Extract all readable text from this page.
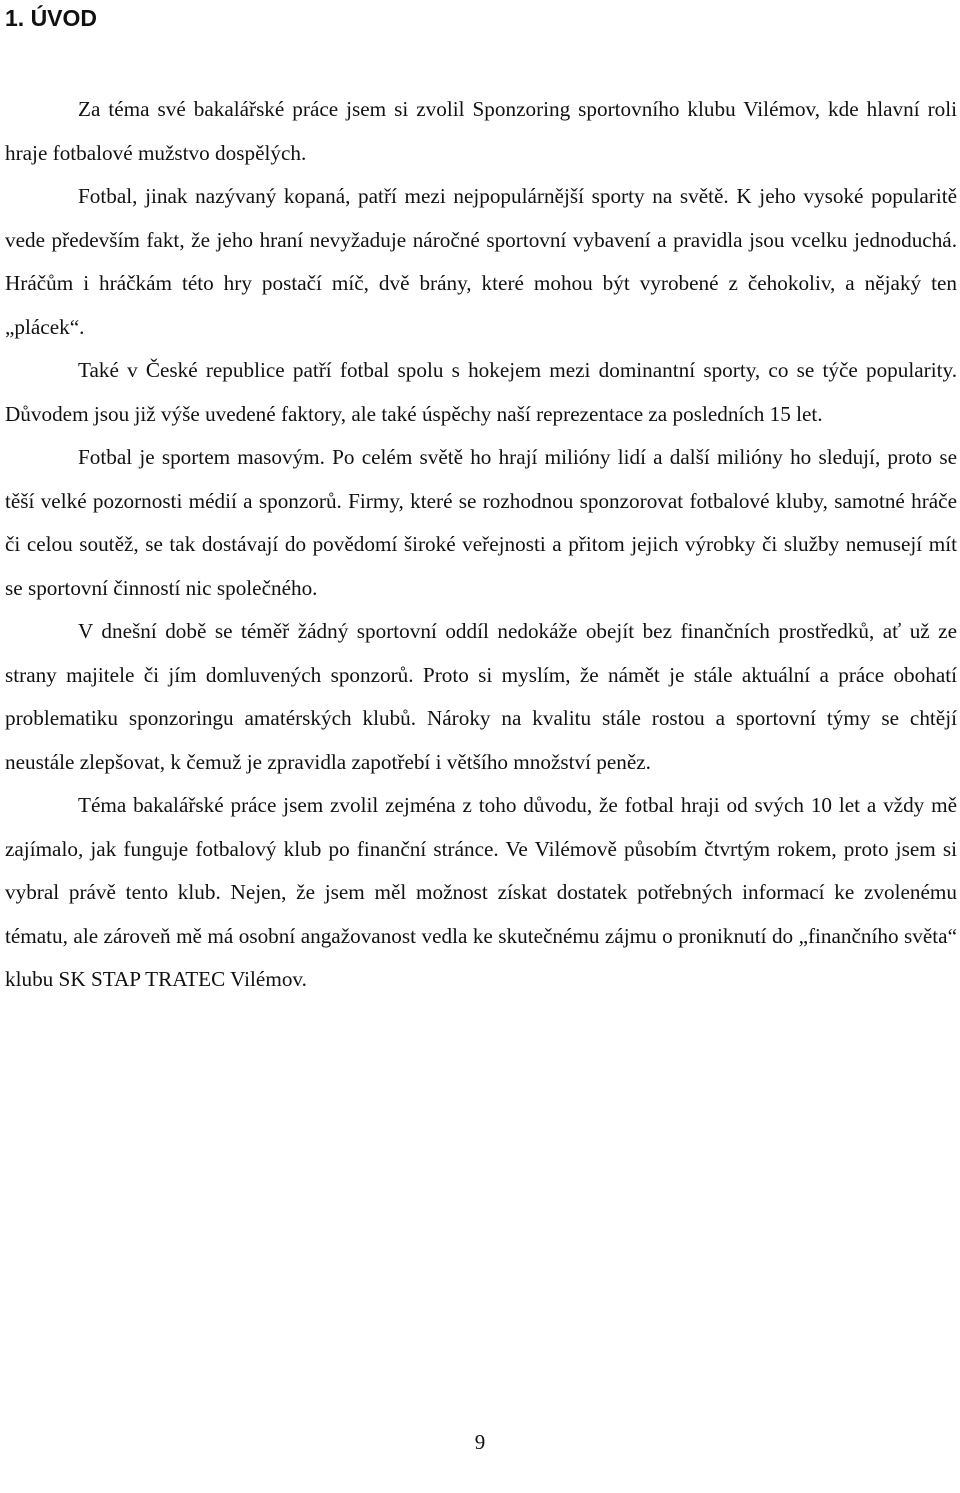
1. ÚVOD

Za téma své bakalářské práce jsem si zvolil Sponzoring sportovního klubu Vilémov, kde hlavní roli hraje fotbalové mužstvo dospělých.

Fotbal, jinak nazývaný kopaná, patří mezi nejpopulárnější sporty na světě. K jeho vysoké popularitě vede především fakt, že jeho hraní nevyžaduje náročné sportovní vybavení a pravidla jsou vcelku jednoduchá. Hráčům i hráčkám této hry postačí míč, dvě brány, které mohou být vyrobené z čehokoliv, a nějaký ten „plácek“.

Také v České republice patří fotbal spolu s hokejem mezi dominantní sporty, co se týče popularity. Důvodem jsou již výše uvedené faktory, ale také úspěchy naší reprezentace za posledních 15 let.

Fotbal je sportem masovým. Po celém světě ho hrají milióny lidí a další milióny ho sledují, proto se těší velké pozornosti médií a sponzorů. Firmy, které se rozhodnou sponzorovat fotbalové kluby, samotné hráče či celou soutěž, se tak dostávají do povědomí široké veřejnosti a přitom jejich výrobky či služby nemusejí mít se sportovní činností nic společného.

V dnešní době se téměř žádný sportovní oddíl nedokáže obejít bez finančních prostředků, ať už ze strany majitele či jím domluvených sponzorů. Proto si myslím, že námět je stále aktuální a práce obohatí problematiku sponzoringu amatérských klubů. Nároky na kvalitu stále rostou a sportovní týmy se chtějí neustále zlepšovat, k čemuž je zpravidla zapotřebí i většího množství peněz.

Téma bakalářské práce jsem zvolil zejména z toho důvodu, že fotbal hraji od svých 10 let a vždy mě zajímalo, jak funguje fotbalový klub po finanční stránce. Ve Vilémově působím čtvrtým rokem, proto jsem si vybral právě tento klub. Nejen, že jsem měl možnost získat dostatek potřebných informací ke zvolenému tématu, ale zároveň mě má osobní angažovanost vedla ke skutečnému zájmu o proniknutí do „finančního světa“ klubu SK STAP TRATEC Vilémov.

9
